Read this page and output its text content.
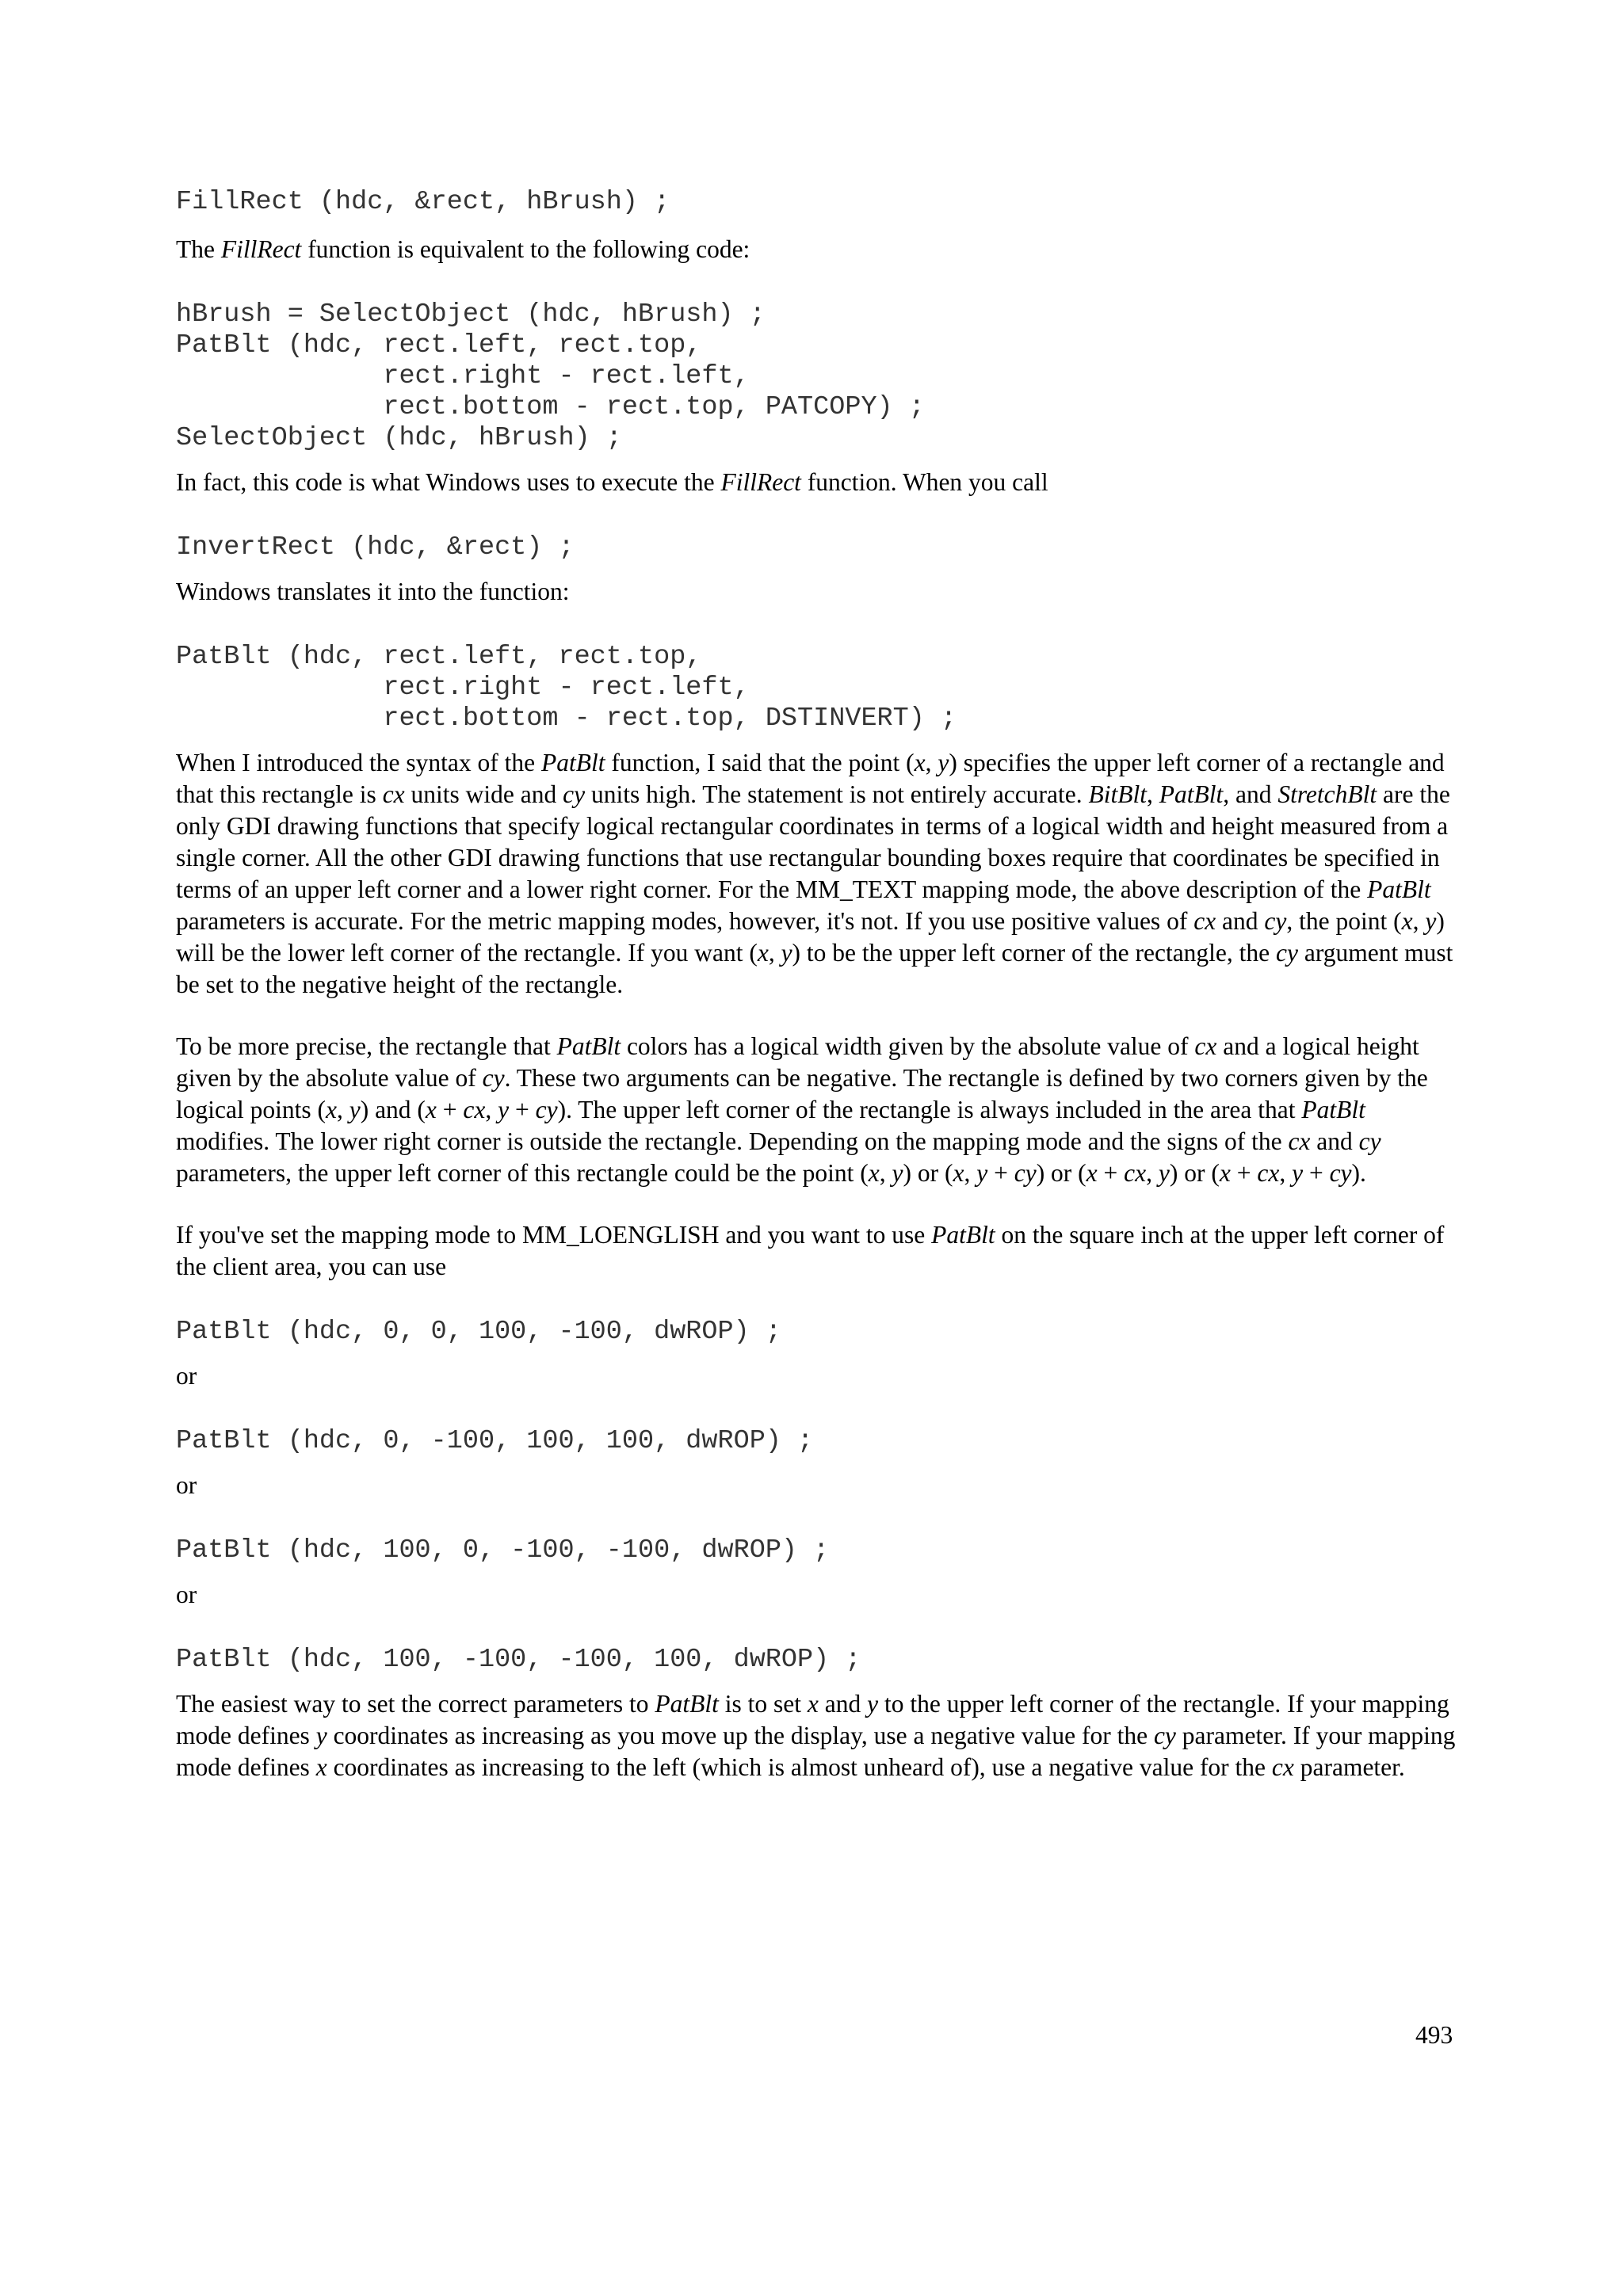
FillRect (hdc, &rect, hBrush) ;

The FillRect function is equivalent to the following code:

hBrush = SelectObject (hdc, hBrush) ;
PatBlt (hdc, rect.left, rect.top,
rect.right - rect.left,
rect.bottom - rect.top, PATCOPY) ;
SelectObject (hdc, hBrush) ;

In fact, this code is what Windows uses to execute the FillRect function. When you call

InvertRect (hdc, &rect) ;

Windows translates it into the function:

PatBlt (hdc, rect.left, rect.top,
rect.right - rect.left,
rect.bottom - rect.top, DSTINVERT) ;

When I introduced the syntax of the PatBlt function, I said that the point (x, y) specifies the upper left corner of a rectangle and that this rectangle is cx units wide and cy units high. The statement is not entirely accurate. BitBlt, PatBlt, and StretchBlt are the only GDI drawing functions that specify logical rectangular coordinates in terms of a logical width and height measured from a single corner. All the other GDI drawing functions that use rectangular bounding boxes require that coordinates be specified in terms of an upper left corner and a lower right corner. For the MM_TEXT mapping mode, the above description of the PatBlt parameters is accurate. For the metric mapping modes, however, it's not. If you use positive values of cx and cy, the point (x, y) will be the lower left corner of the rectangle. If you want (x, y) to be the upper left corner of the rectangle, the cy argument must be set to the negative height of the rectangle.

To be more precise, the rectangle that PatBlt colors has a logical width given by the absolute value of cx and a logical height given by the absolute value of cy. These two arguments can be negative. The rectangle is defined by two corners given by the logical points (x, y) and (x + cx, y + cy). The upper left corner of the rectangle is always included in the area that PatBlt modifies. The lower right corner is outside the rectangle. Depending on the mapping mode and the signs of the cx and cy parameters, the upper left corner of this rectangle could be the point (x, y) or (x, y + cy) or (x + cx, y) or (x + cx, y + cy).

If you've set the mapping mode to MM_LOENGLISH and you want to use PatBlt on the square inch at the upper left corner of the client area, you can use

PatBlt (hdc, 0, 0, 100, -100, dwROP) ;

or

PatBlt (hdc, 0, -100, 100, 100, dwROP) ;

or

PatBlt (hdc, 100, 0, -100, -100, dwROP) ;

or

PatBlt (hdc, 100, -100, -100, 100, dwROP) ;

The easiest way to set the correct parameters to PatBlt is to set x and y to the upper left corner of the rectangle. If your mapping mode defines y coordinates as increasing as you move up the display, use a negative value for the cy parameter. If your mapping mode defines x coordinates as increasing to the left (which is almost unheard of), use a negative value for the cx parameter.

493
